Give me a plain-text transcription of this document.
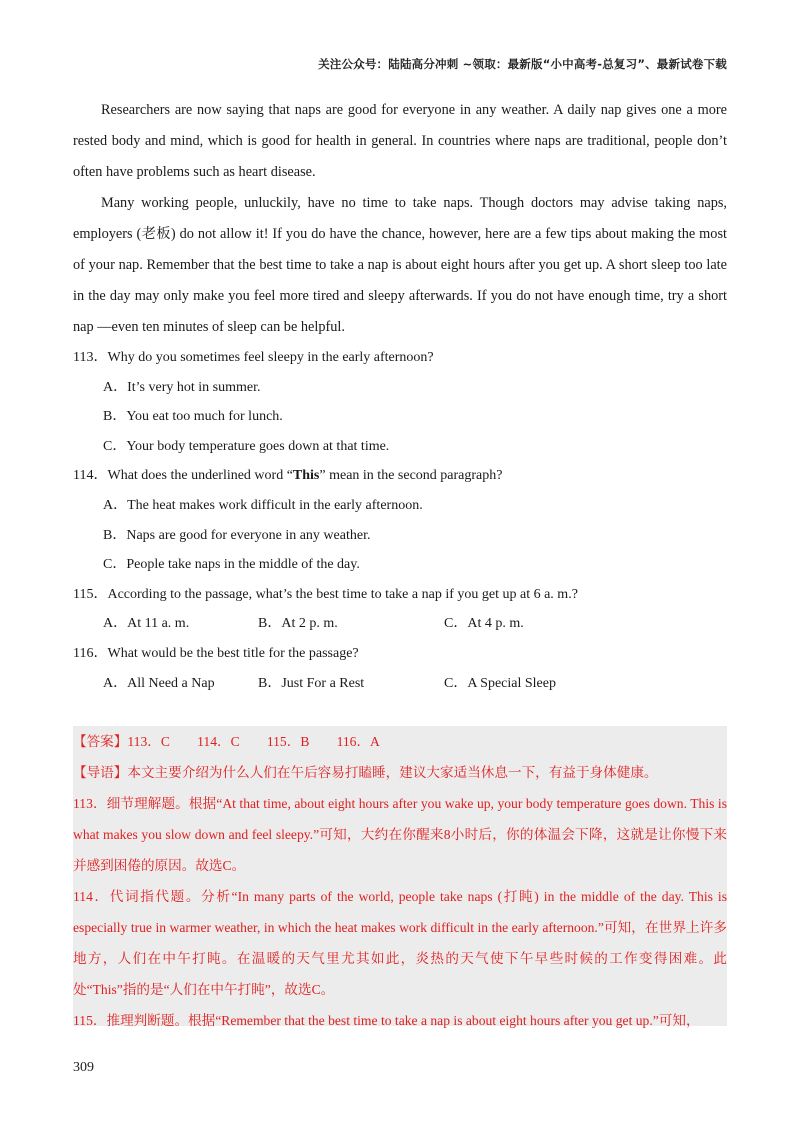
关注公众号：陆陆高分冲刺 ~领取：最新版“小中高考-总复习”、最新试卷下载

Researchers are now saying that naps are good for everyone in any weather. A daily nap gives one a more rested body and mind, which is good for health in general. In countries where naps are traditional, people don’t often have problems such as heart disease.

Many working people, unluckily, have no time to take naps. Though doctors may advise taking naps, employers (老板) do not allow it! If you do have the chance, however, here are a few tips about making the most of your nap. Remember that the best time to take a nap is about eight hours after you get up. A short sleep too late in the day may only make you feel more tired and sleepy afterwards. If you do not have enough time, try a short nap —even ten minutes of sleep can be helpful.

113．Why do you sometimes feel sleepy in the early afternoon?

A．It’s very hot in summer.

B．You eat too much for lunch.

C．Your body temperature goes down at that time.

114．What does the underlined word “This” mean in the second paragraph?

A．The heat makes work difficult in the early afternoon.

B．Naps are good for everyone in any weather.

C．People take naps in the middle of the day.

115．According to the passage, what’s the best time to take a nap if you get up at 6 a. m.?

A．At 11 a. m.	B．At 2 p. m.	C．At 4 p. m.

116．What would be the best title for the passage?

A．All Need a Nap	B．Just For a Rest	C．A Special Sleep

【答案】113．C　　114．C　　115．B　　116．A

【导语】本文主要介绍为什么人们在午后容易打瞌睡，建议大家适当休息一下，有益于身体健康。

113．细节理解题。根据“At that time, about eight hours after you wake up, your body temperature goes down. This is what makes you slow down and feel sleepy.”可知，大约在你醒来8小时后，你的体温会下降，这就是让你慢下来并感到困倦的原因。故选C。

114．代词指代题。分析“In many parts of the world, people take naps (打盹) in the middle of the day. This is especially true in warmer weather, in which the heat makes work difficult in the early afternoon.”可知，在世界上许多地方，人们在中午打盹。在温暖的天气里尤其如此，炎热的天气使下午早些时候的工作变得困难。此处“This”指的是“人们在中午打盹”，故选C。

115．推理判断题。根据“Remember that the best time to take a nap is about eight hours after you get up.”可知，

309
